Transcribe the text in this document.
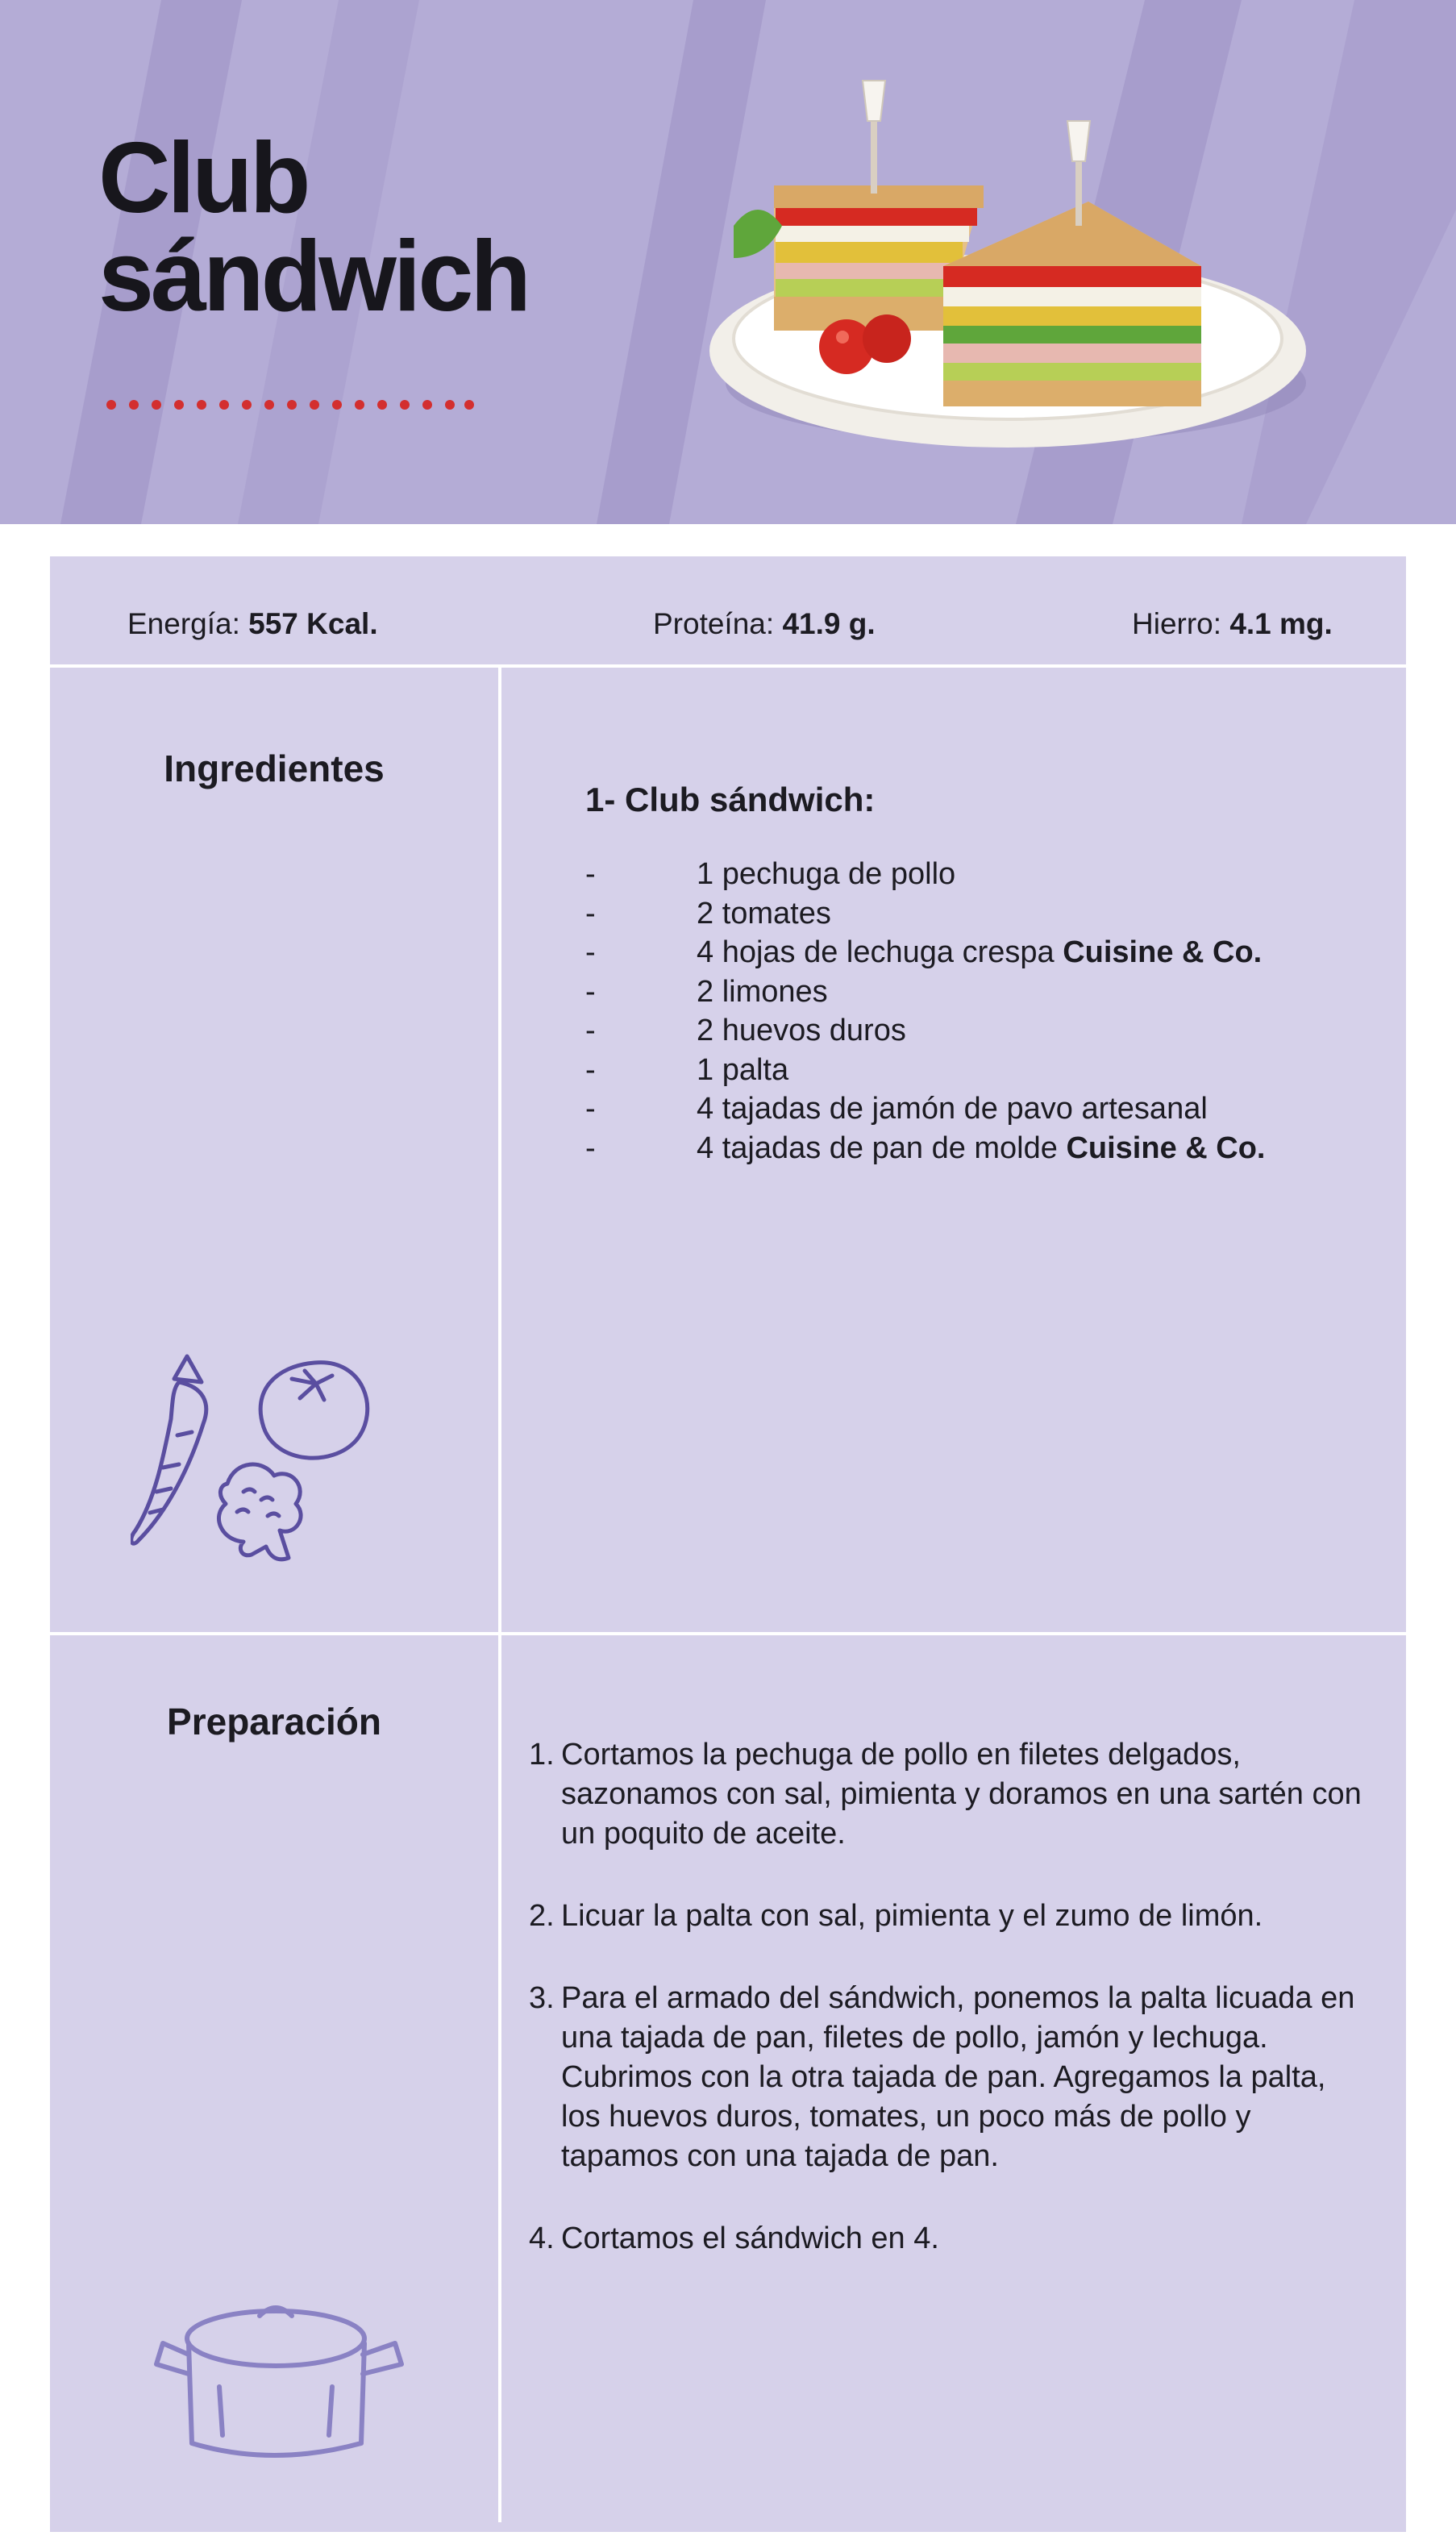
Club
sándwich
Energía: 557 Kcal.	Proteína: 41.9 g.	Hierro: 4.1 mg.
Ingredientes
1- Club sándwich:
-	1 pechuga de pollo
-	2 tomates
-	4 hojas de lechuga crespa Cuisine & Co.
-	2 limones
-	2 huevos duros
-	1 palta
-	4 tajadas de jamón de pavo artesanal
-	4 tajadas de pan de molde Cuisine & Co.
Preparación
1. Cortamos la pechuga de pollo en filetes delgados, sazonamos con sal, pimienta y doramos en una sartén con un poquito de aceite.
2. Licuar la palta con sal, pimienta y el zumo de limón.
3. Para el armado del sándwich, ponemos la palta licuada en una tajada de pan, filetes de pollo, jamón y lechuga. Cubrimos con la otra tajada de pan. Agregamos la palta, los huevos duros, tomates, un poco más de pollo y tapamos con una tajada de pan.
4. Cortamos el sándwich en 4.
